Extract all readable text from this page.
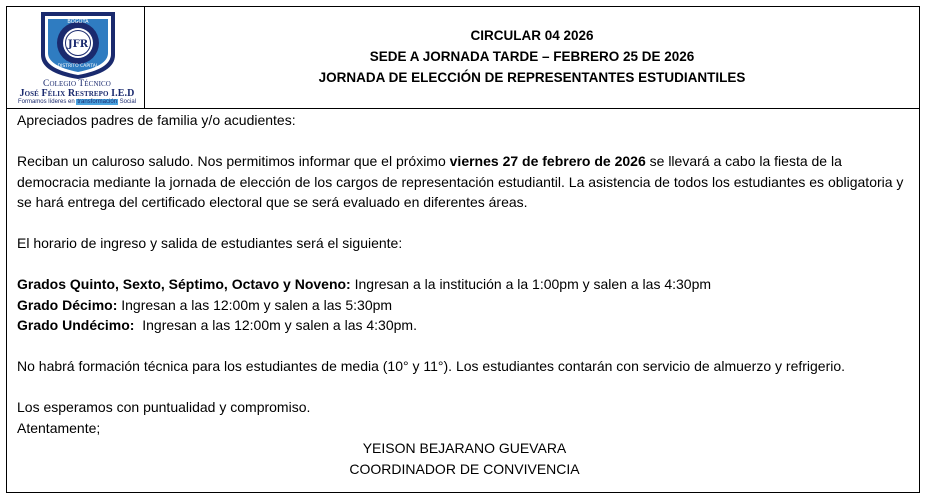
BOGOTÁ
DISTRITO CAPITAL
JFR
Colegio Técnico
José Félix Restrepo I.E.D
Formamos líderes en transformación Social
CIRCULAR 04 2026
SEDE A JORNADA TARDE – FEBRERO 25 DE 2026
JORNADA DE ELECCIÓN DE REPRESENTANTES ESTUDIANTILES

Apreciados padres de familia y/o acudientes:

Reciban un caluroso saludo. Nos permitimos informar que el próximo viernes 27 de febrero de 2026 se llevará a cabo la fiesta de la democracia mediante la jornada de elección de los cargos de representación estudiantil. La asistencia de todos los estudiantes es obligatoria y se hará entrega del certificado electoral que se será evaluado en diferentes áreas.

El horario de ingreso y salida de estudiantes será el siguiente:

Grados Quinto, Sexto, Séptimo, Octavo y Noveno: Ingresan a la institución a la 1:00pm y salen a las 4:30pm

Grado Décimo: Ingresan a las 12:00m y salen a las 5:30pm

Grado Undécimo:  Ingresan a las 12:00m y salen a las 4:30pm.

No habrá formación técnica para los estudiantes de media (10° y 11°). Los estudiantes contarán con servicio de almuerzo y refrigerio.

Los esperamos con puntualidad y compromiso.

Atentamente;

YEISON BEJARANO GUEVARA

COORDINADOR DE CONVIVENCIA
